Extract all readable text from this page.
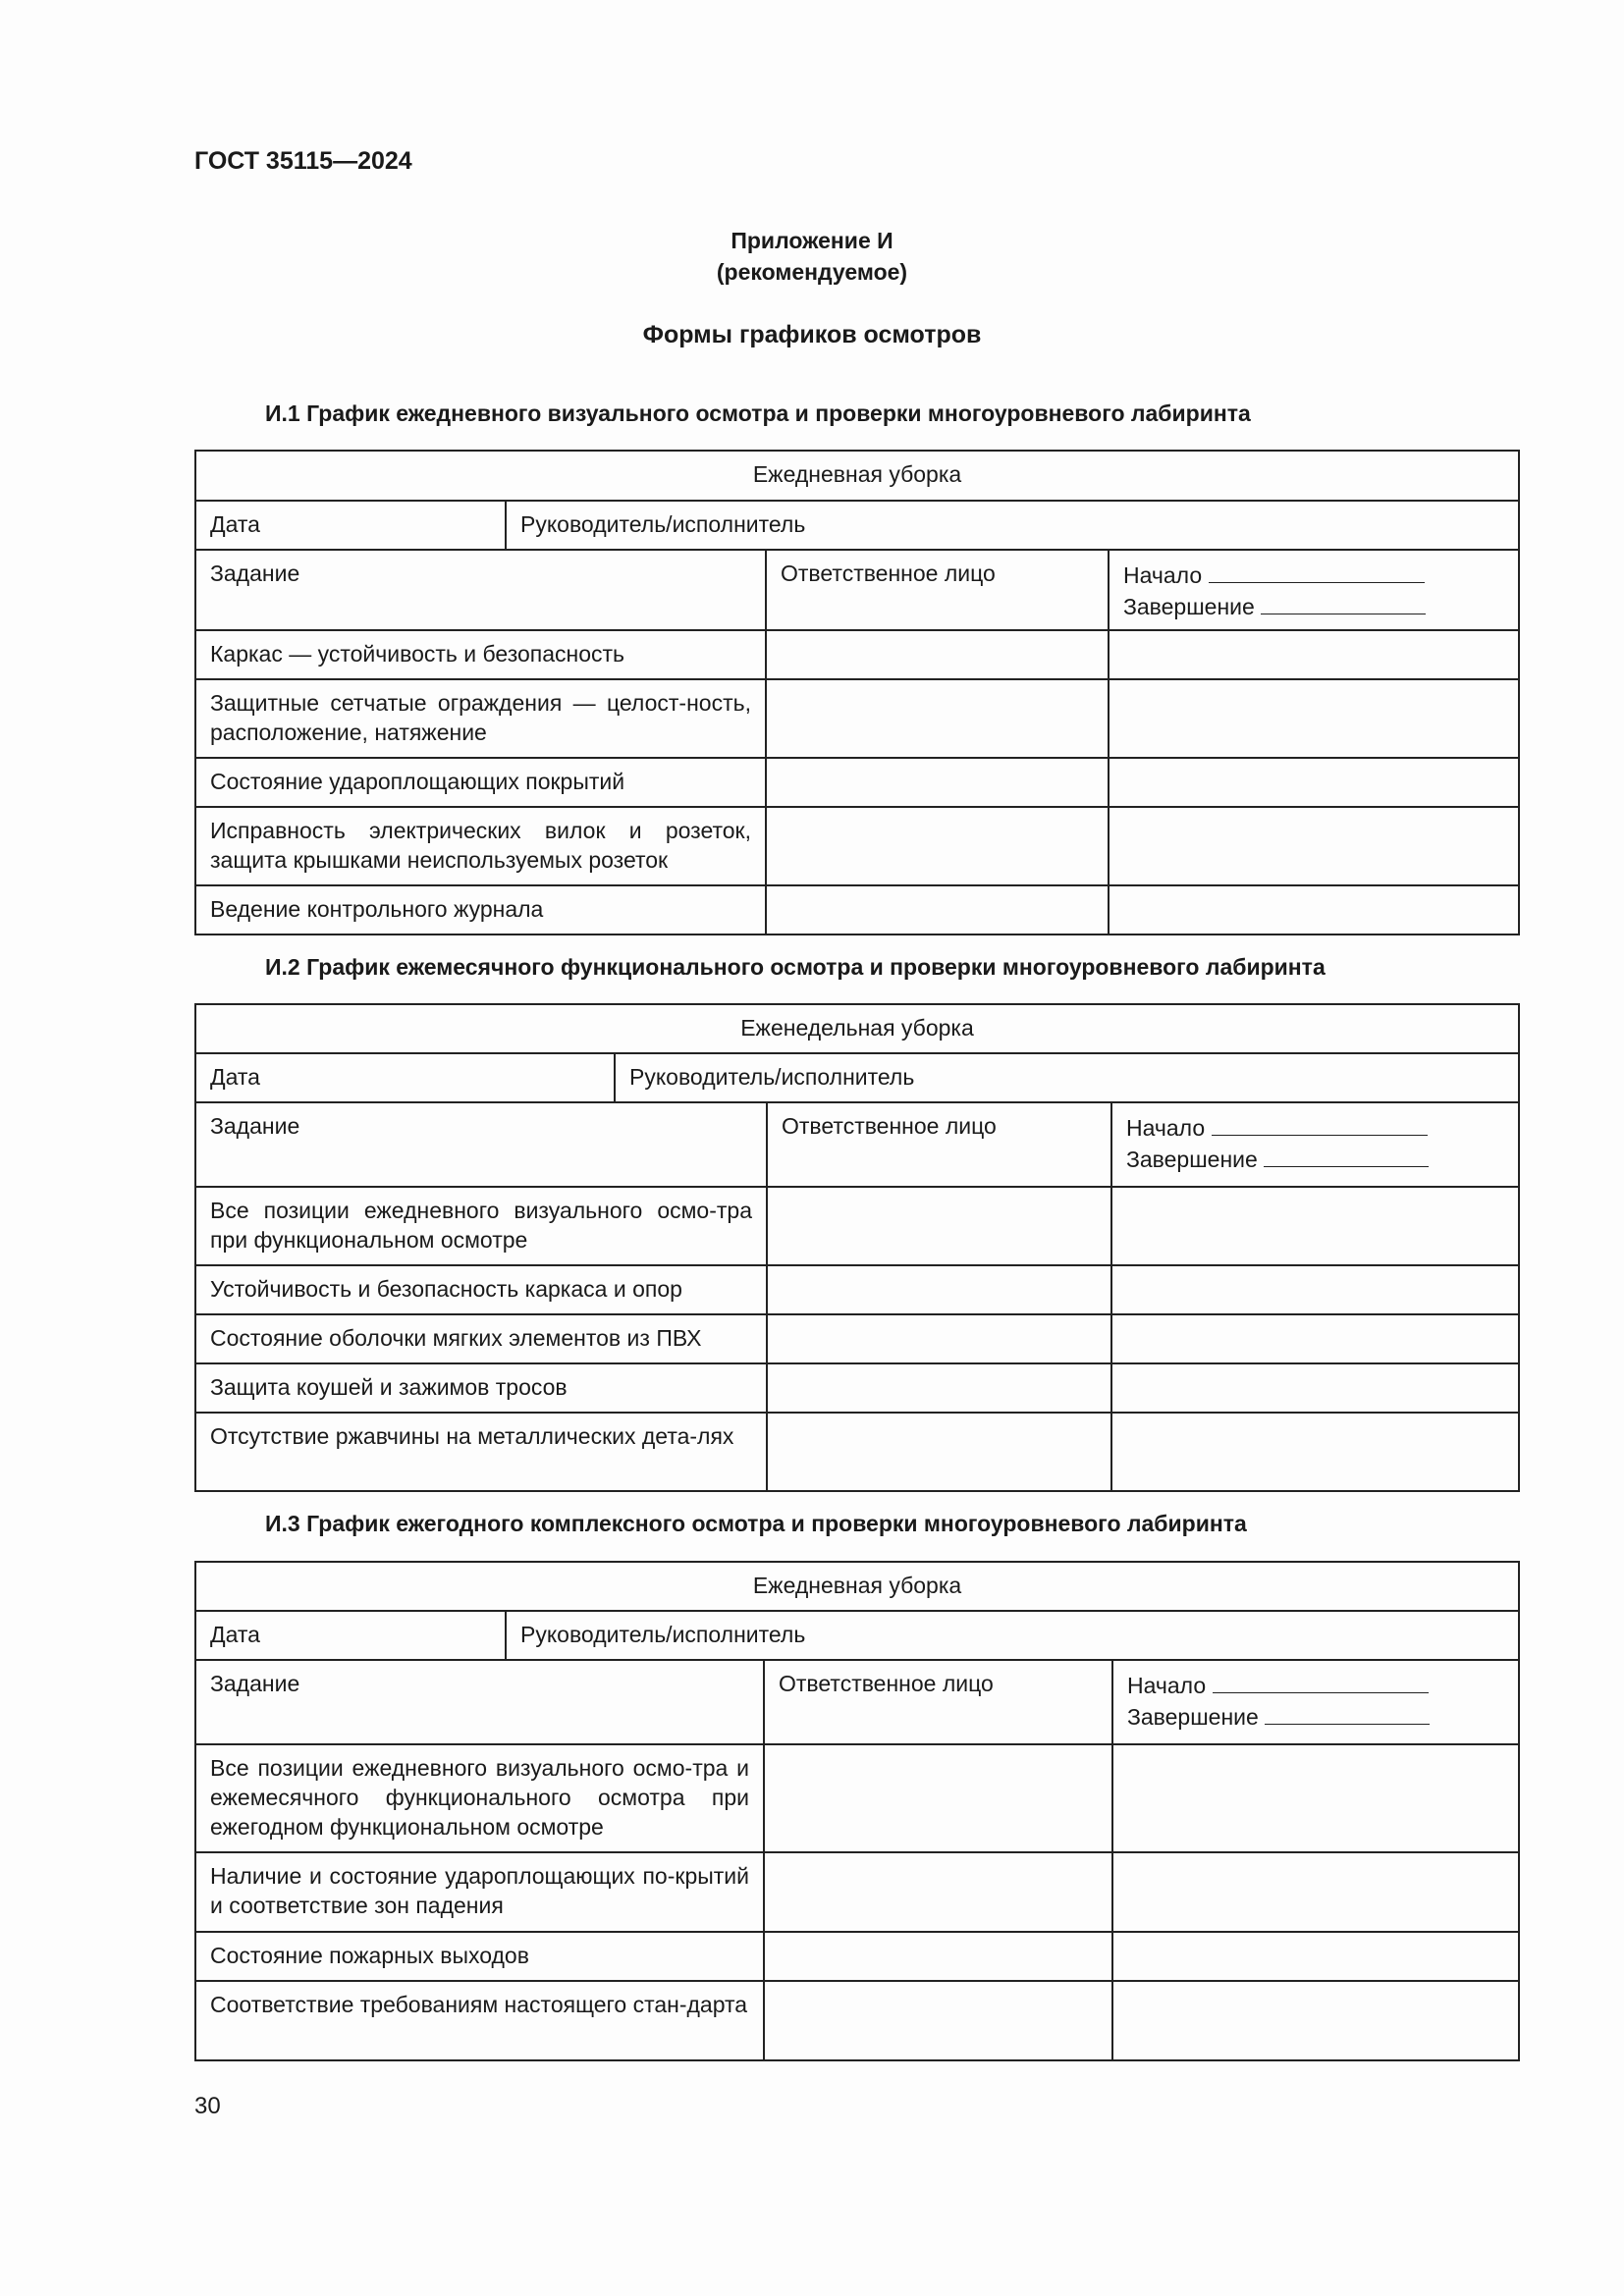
ГОСТ 35115—2024
Приложение И
(рекомендуемое)
Формы графиков осмотров
И.1 График ежедневного визуального осмотра и проверки многоуровневого лабиринта
Ежедневная уборка			
Дата	Руководитель/исполнитель		
Задание		Ответственное лицо	Начало
Завершение
Каркас — устойчивость и безопасность			
Защитные сетчатые ограждения — целост-ность, расположение, натяжение			
Состояние удароплощающих покрытий			
Исправность электрических вилок и розеток, защита крышками неиспользуемых розеток			
Ведение контрольного журнала			
И.2 График ежемесячного функционального осмотра и проверки многоуровневого лабиринта
Еженедельная уборка			
Дата	Руководитель/исполнитель		
Задание		Ответственное лицо	Начало
Завершение
Все позиции ежедневного визуального осмо-тра при функциональном осмотре			
Устойчивость и безопасность каркаса и опор			
Состояние оболочки мягких элементов из ПВХ			
Защита коушей и зажимов тросов			
Отсутствие ржавчины на металлических дета-лях			
И.3 График ежегодного комплексного осмотра и проверки многоуровневого лабиринта
Ежедневная уборка			
Дата	Руководитель/исполнитель		
Задание		Ответственное лицо	Начало
Завершение
Все позиции ежедневного визуального осмо-тра и ежемесячного функционального осмотра при ежегодном функциональном осмотре			
Наличие и состояние удароплощающих по-крытий и соответствие зон падения			
Состояние пожарных выходов			
Соответствие требованиям настоящего стан-дарта			
30
